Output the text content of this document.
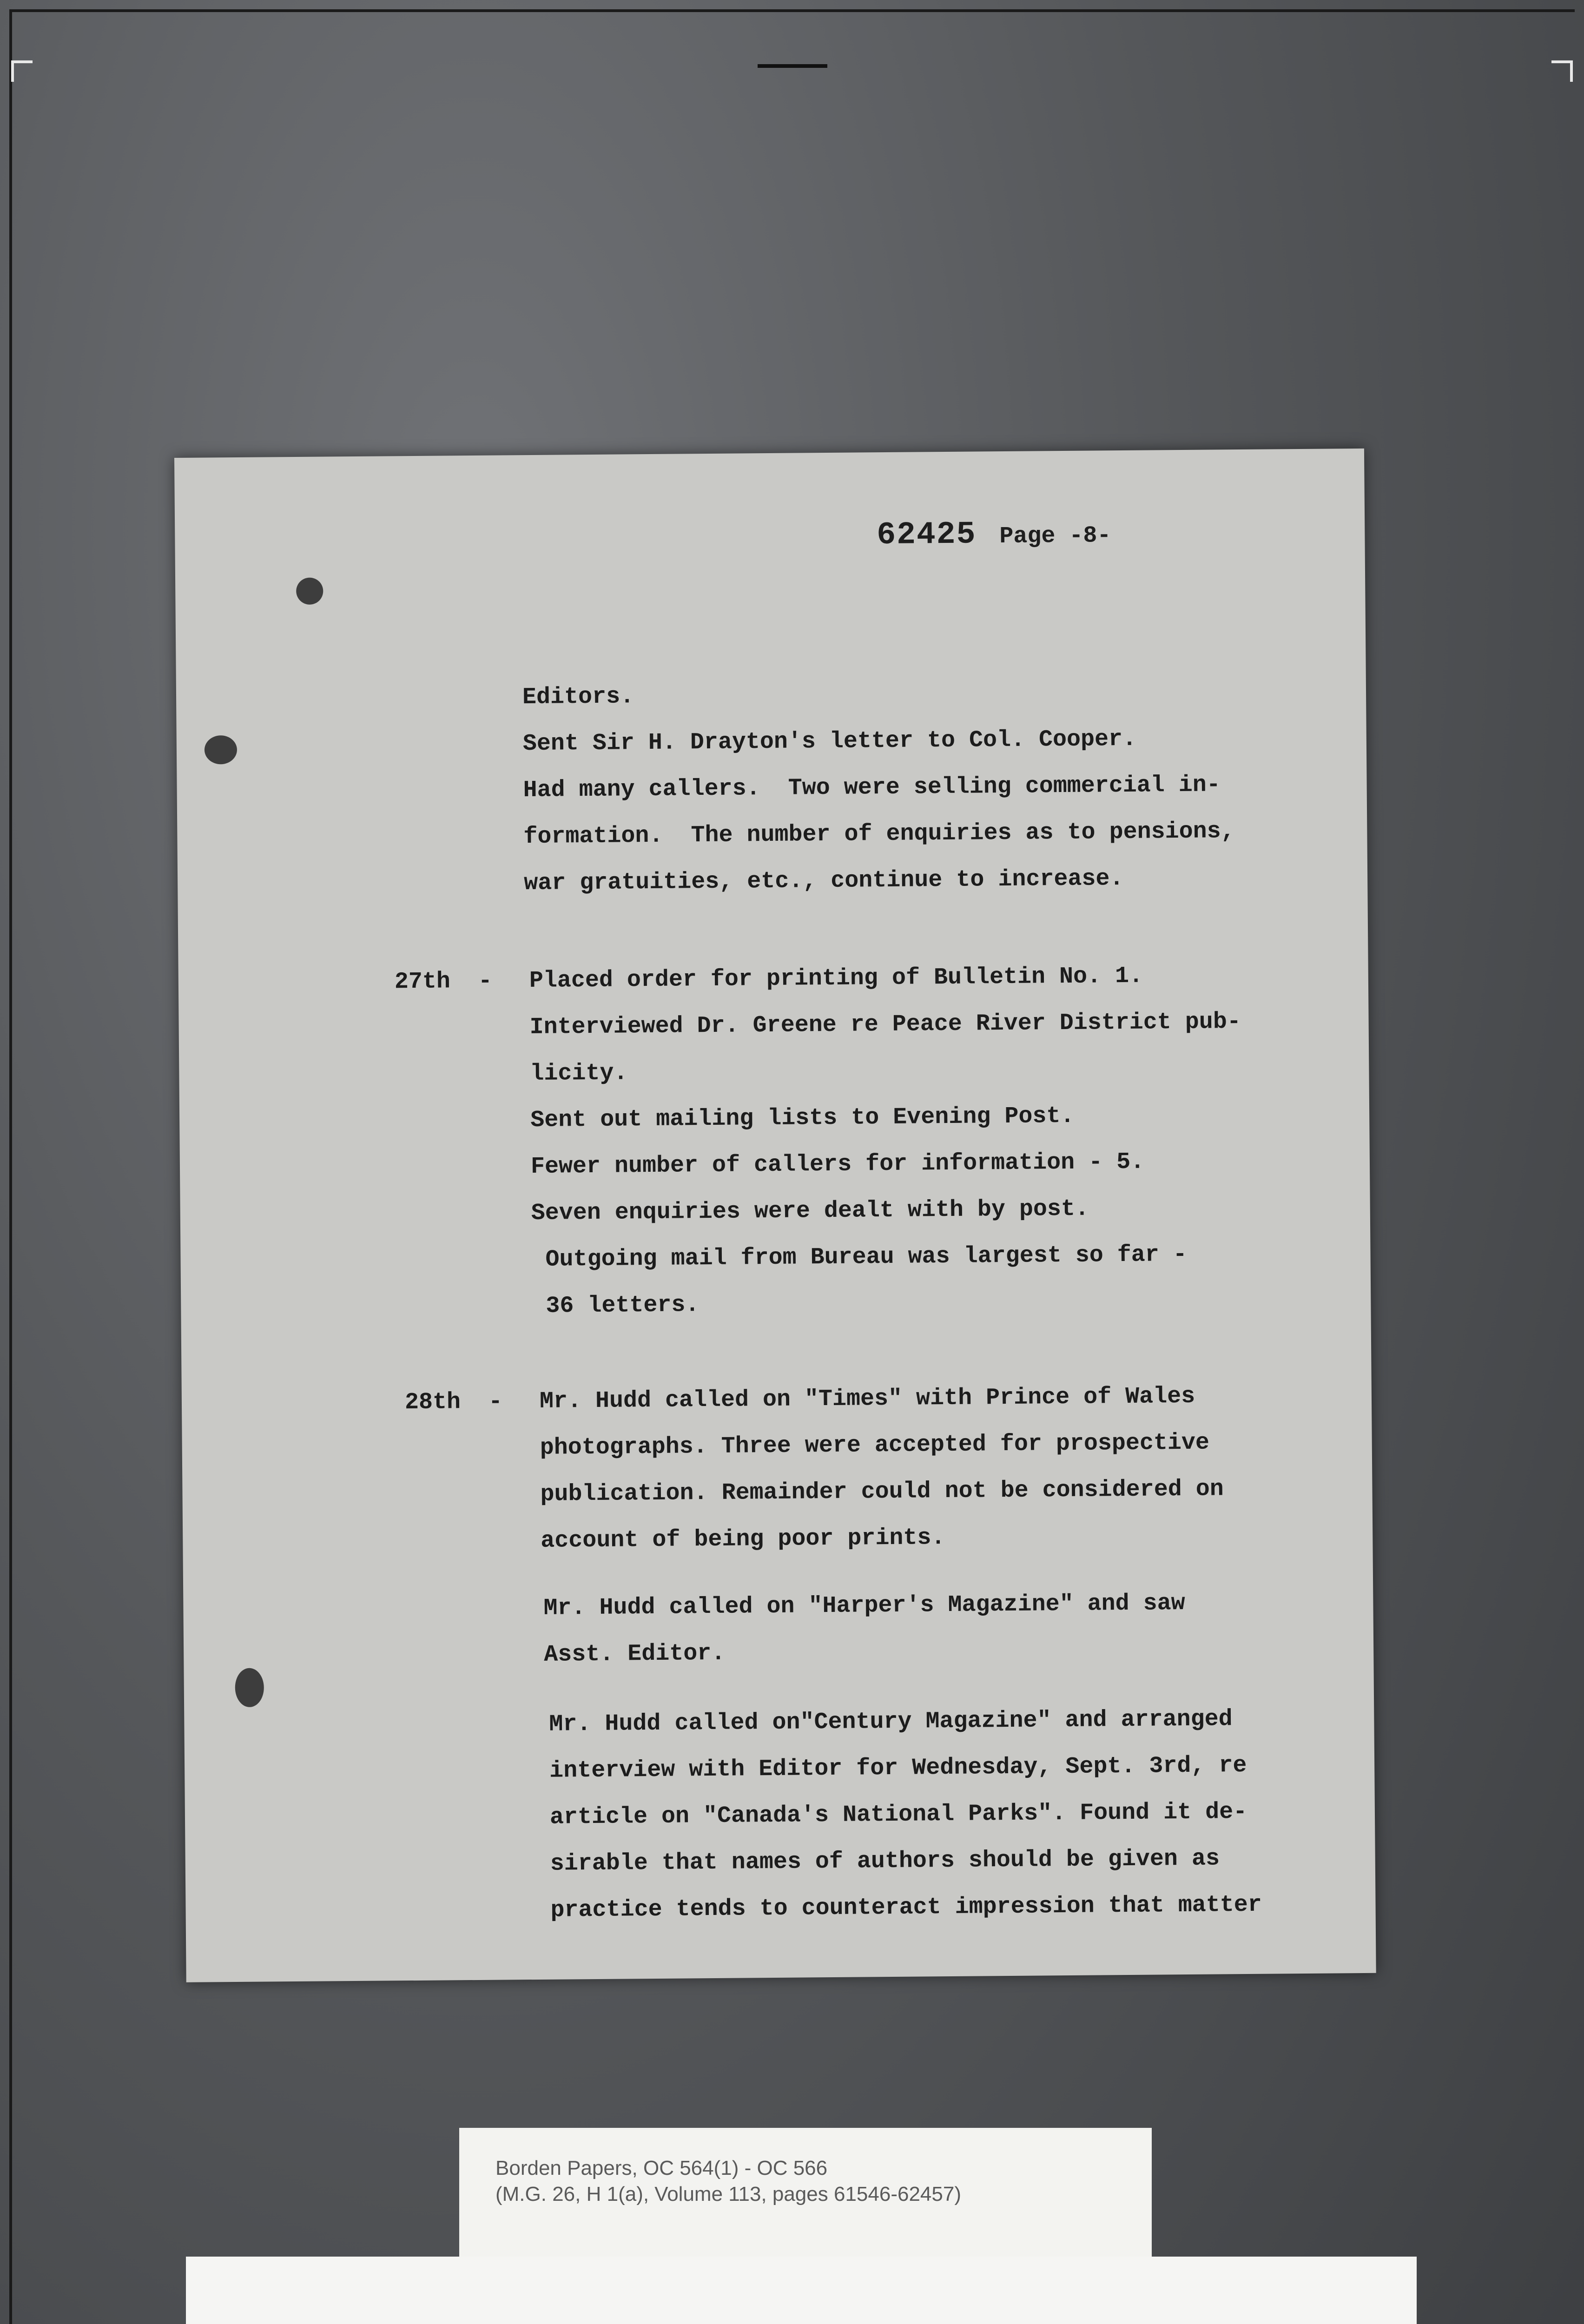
62425 Page -8-

Editors.

Sent Sir H. Drayton's letter to Col. Cooper.

Had many callers.  Two were selling commercial in-

formation.  The number of enquiries as to pensions,

war gratuities, etc., continue to increase.

27th  -

Placed order for printing of Bulletin No. 1.

Interviewed Dr. Greene re Peace River District pub-

licity.

Sent out mailing lists to Evening Post.

Fewer number of callers for information - 5.

Seven enquiries were dealt with by post.

Outgoing mail from Bureau was largest so far -

36 letters.

28th  -

Mr. Hudd called on "Times" with Prince of Wales

photographs. Three were accepted for prospective

publication. Remainder could not be considered on

account of being poor prints.

Mr. Hudd called on "Harper's Magazine" and saw

Asst. Editor.

Mr. Hudd called on"Century Magazine" and arranged

interview with Editor for Wednesday, Sept. 3rd, re

article on "Canada's National Parks". Found it de-

sirable that names of authors should be given as

practice tends to counteract impression that matter

Borden Papers, OC 564(1) - OC 566
(M.G. 26, H 1(a), Volume 113, pages 61546-62457)
